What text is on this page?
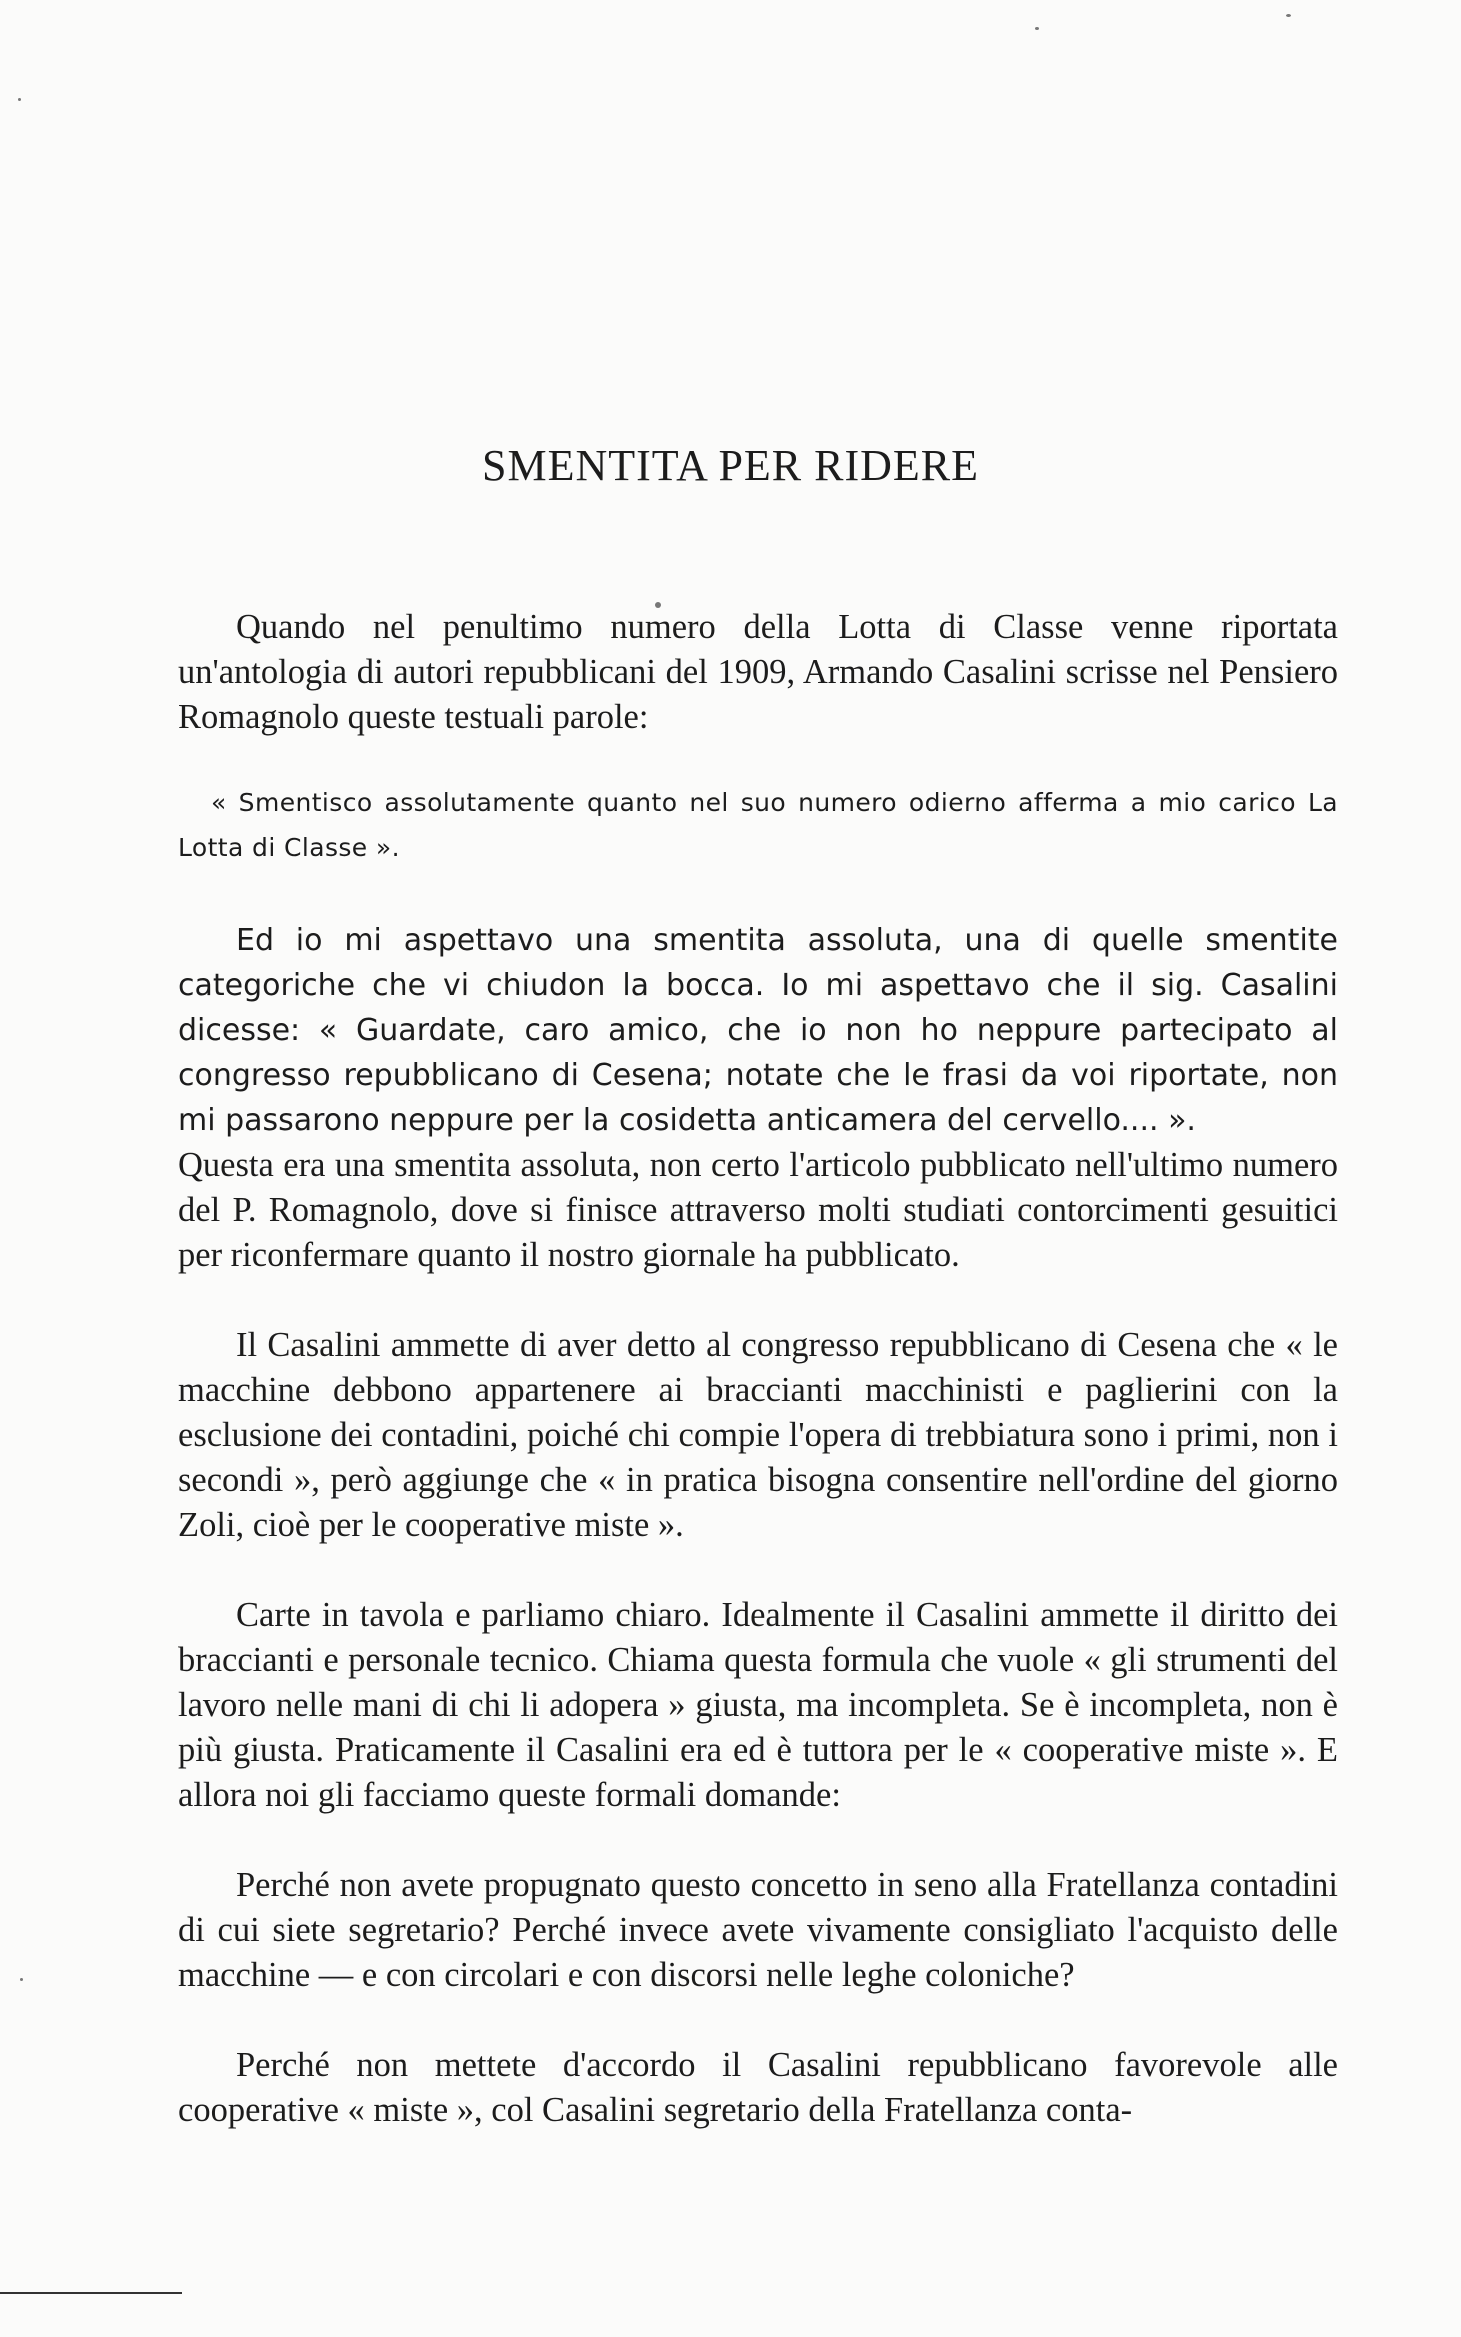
SMENTITA PER RIDERE

Quando nel penultimo numero della Lotta di Classe venne riportata un'antologia di autori repubblicani del 1909, Armando Casalini scrisse nel Pensiero Romagnolo queste testuali parole:

« Smentisco assolutamente quanto nel suo numero odierno afferma a mio carico La Lotta di Classe ».

Ed io mi aspettavo una smentita assoluta, una di quelle smentite categoriche che vi chiudon la bocca. Io mi aspettavo che il sig. Casalini dicesse: « Guardate, caro amico, che io non ho neppure partecipato al congresso repubblicano di Cesena; notate che le frasi da voi riportate, non mi passarono neppure per la cosidetta anticamera del cervello.... ».

Questa era una smentita assoluta, non certo l'articolo pubblicato nell'ultimo numero del P. Romagnolo, dove si finisce attraverso molti studiati contorcimenti gesuitici per riconfermare quanto il nostro giornale ha pubblicato.

Il Casalini ammette di aver detto al congresso repubblicano di Cesena che « le macchine debbono appartenere ai braccianti macchinisti e paglierini con la esclusione dei contadini, poiché chi compie l'opera di trebbiatura sono i primi, non i secondi », però aggiunge che « in pratica bisogna consentire nell'ordine del giorno Zoli, cioè per le cooperative miste ».

Carte in tavola e parliamo chiaro. Idealmente il Casalini ammette il diritto dei braccianti e personale tecnico. Chiama questa formula che vuole « gli strumenti del lavoro nelle mani di chi li adopera » giusta, ma incompleta. Se è incompleta, non è più giusta. Praticamente il Casalini era ed è tuttora per le « cooperative miste ». E allora noi gli facciamo queste formali domande:

Perché non avete propugnato questo concetto in seno alla Fratellanza contadini di cui siete segretario? Perché invece avete vivamente consigliato l'acquisto delle macchine — e con circolari e con discorsi nelle leghe coloniche?

Perché non mettete d'accordo il Casalini repubblicano favorevole alle cooperative « miste », col Casalini segretario della Fratellanza conta-
